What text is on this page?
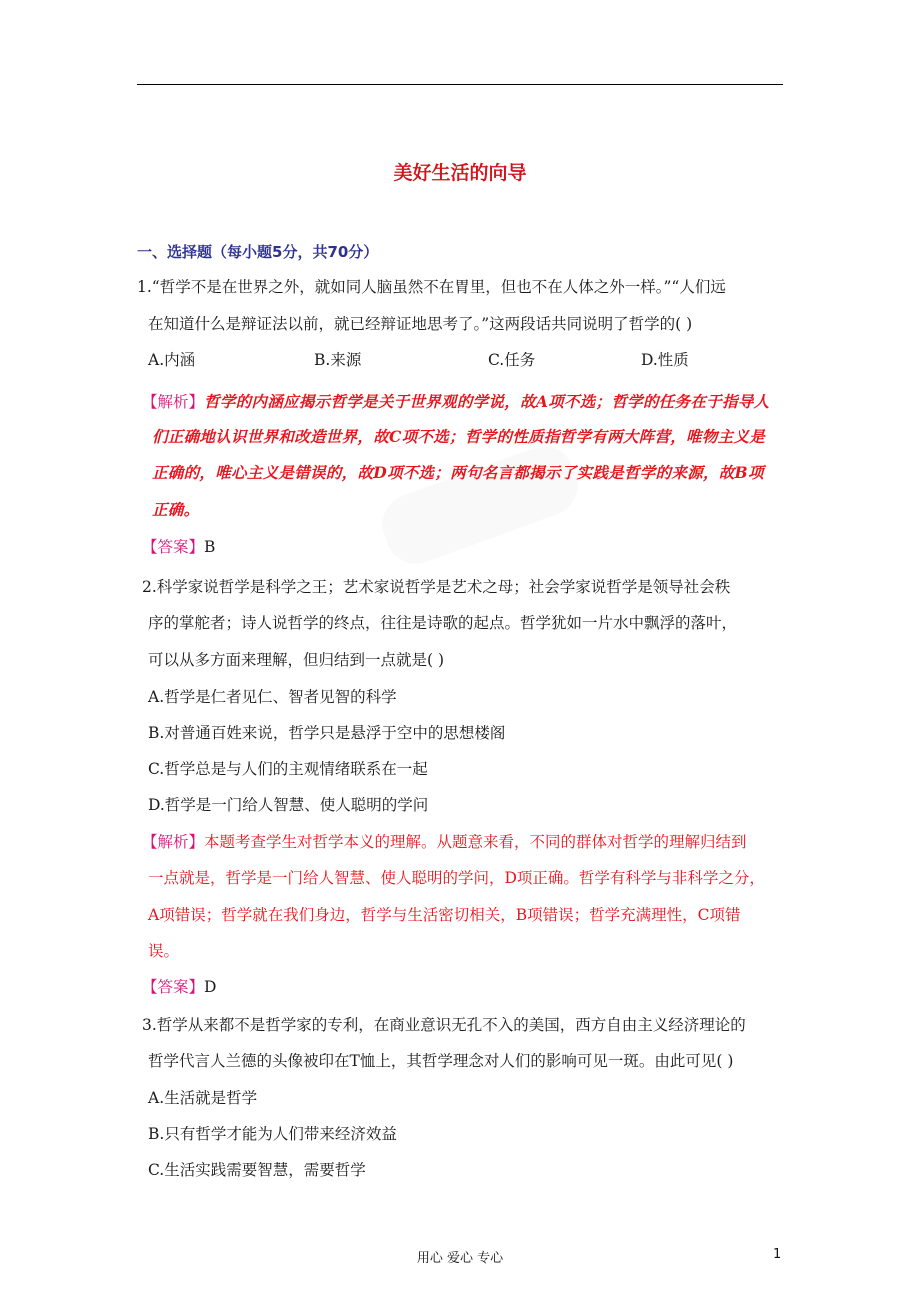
美好生活的向导
一、选择题（每小题5分，共70分）
1.“哲学不是在世界之外，就如同人脑虽然不在胃里，但也不在人体之外一样。”“人们远
在知道什么是辩证法以前，就已经辩证地思考了。”这两段话共同说明了哲学的( )
A.内涵	B.来源	C.任务	D.性质
【解析】哲学的内涵应揭示哲学是关于世界观的学说，故A项不选；哲学的任务在于指导人
们正确地认识世界和改造世界，故C项不选；哲学的性质指哲学有两大阵营，唯物主义是
正确的，唯心主义是错误的，故D项不选；两句名言都揭示了实践是哲学的来源，故B项
正确。
【答案】B
2.科学家说哲学是科学之王；艺术家说哲学是艺术之母；社会学家说哲学是领导社会秩
序的掌舵者；诗人说哲学的终点，往往是诗歌的起点。哲学犹如一片水中飘浮的落叶，
可以从多方面来理解，但归结到一点就是( )
A.哲学是仁者见仁、智者见智的科学
B.对普通百姓来说，哲学只是悬浮于空中的思想楼阁
C.哲学总是与人们的主观情绪联系在一起
D.哲学是一门给人智慧、使人聪明的学问
【解析】本题考查学生对哲学本义的理解。从题意来看，不同的群体对哲学的理解归结到
一点就是，哲学是一门给人智慧、使人聪明的学问，D项正确。哲学有科学与非科学之分，
A项错误；哲学就在我们身边，哲学与生活密切相关，B项错误；哲学充满理性，C项错
误。
【答案】D
3.哲学从来都不是哲学家的专利，在商业意识无孔不入的美国，西方自由主义经济理论的
哲学代言人兰德的头像被印在T恤上，其哲学理念对人们的影响可见一斑。由此可见( )
A.生活就是哲学
B.只有哲学才能为人们带来经济效益
C.生活实践需要智慧，需要哲学
用心 爱心 专心	1
